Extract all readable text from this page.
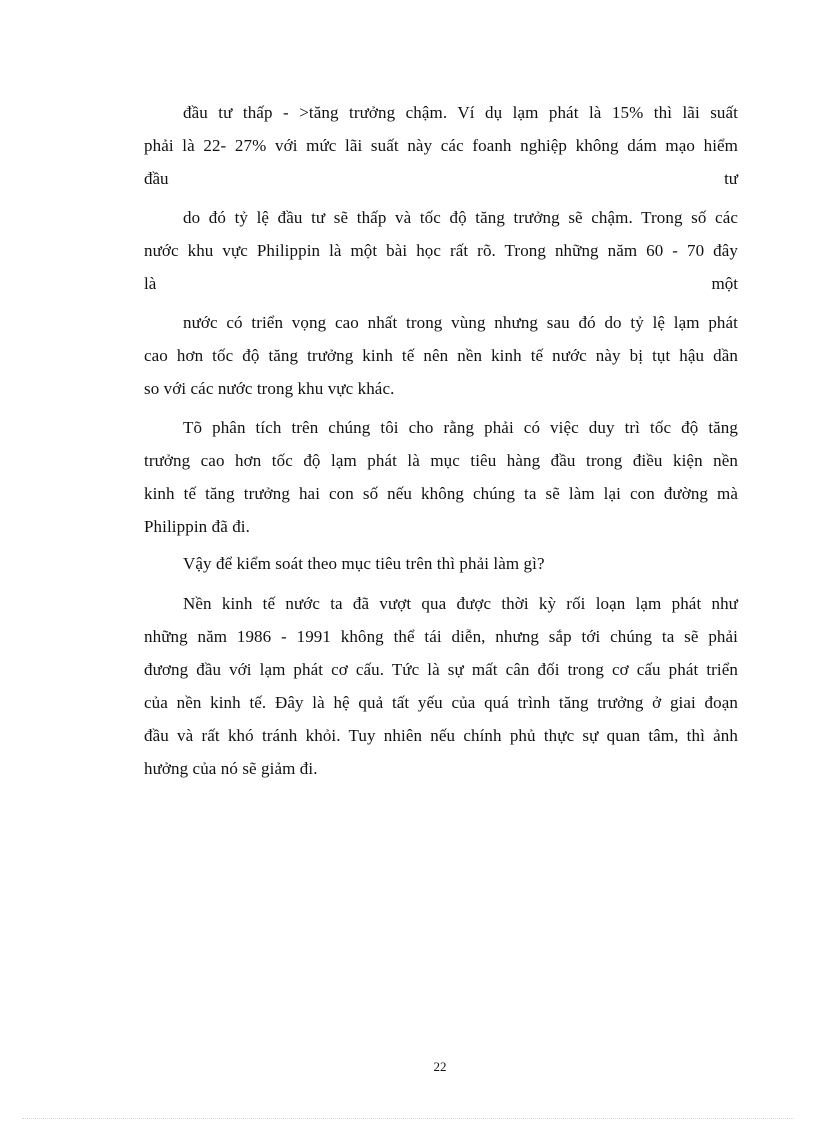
đầu tư thấp - >tăng trưởng chậm. Ví dụ lạm phát là 15% thì lãi suất
phải là 22- 27% với mức lãi suất này các foanh nghiệp không dám mạo hiểm
đầu	tư
do đó tỷ lệ đầu tư sẽ thấp và tốc độ tăng trưởng sẽ chậm. Trong số các
nước khu vực Philippin là một bài học rất rõ. Trong những năm 60 - 70 đây
là	một
nước có triển vọng cao nhất trong vùng nhưng sau đó do tỷ lệ lạm phát
cao hơn tốc độ tăng trưởng kinh tế nên nền kinh tế nước này bị tụt hậu dần
so với các nước trong khu vực khác.
Tõ phân tích trên chúng tôi cho rằng phải có việc duy trì tốc độ tăng
trưởng cao hơn tốc độ lạm phát là mục tiêu hàng đầu trong điều kiện nền
kinh tế tăng trưởng hai con số nếu không chúng ta sẽ làm lại con đường mà
Philippin đã đi.
Vậy để kiểm soát theo mục tiêu trên thì phải làm gì?
Nền kinh tế nước ta đã vượt qua được thời kỳ rối loạn lạm phát như
những năm 1986 - 1991 không thể tái diễn, nhưng sắp tới chúng ta sẽ phải
đương đầu với lạm phát cơ cấu. Tức là sự mất cân đối trong cơ cấu phát triển
của nền kinh tế. Đây là hệ quả tất yếu của quá trình tăng trưởng ở giai đoạn
đầu và rất khó tránh khỏi. Tuy nhiên nếu chính phủ thực sự quan tâm, thì ảnh
hưởng của nó sẽ giảm đi.
22
